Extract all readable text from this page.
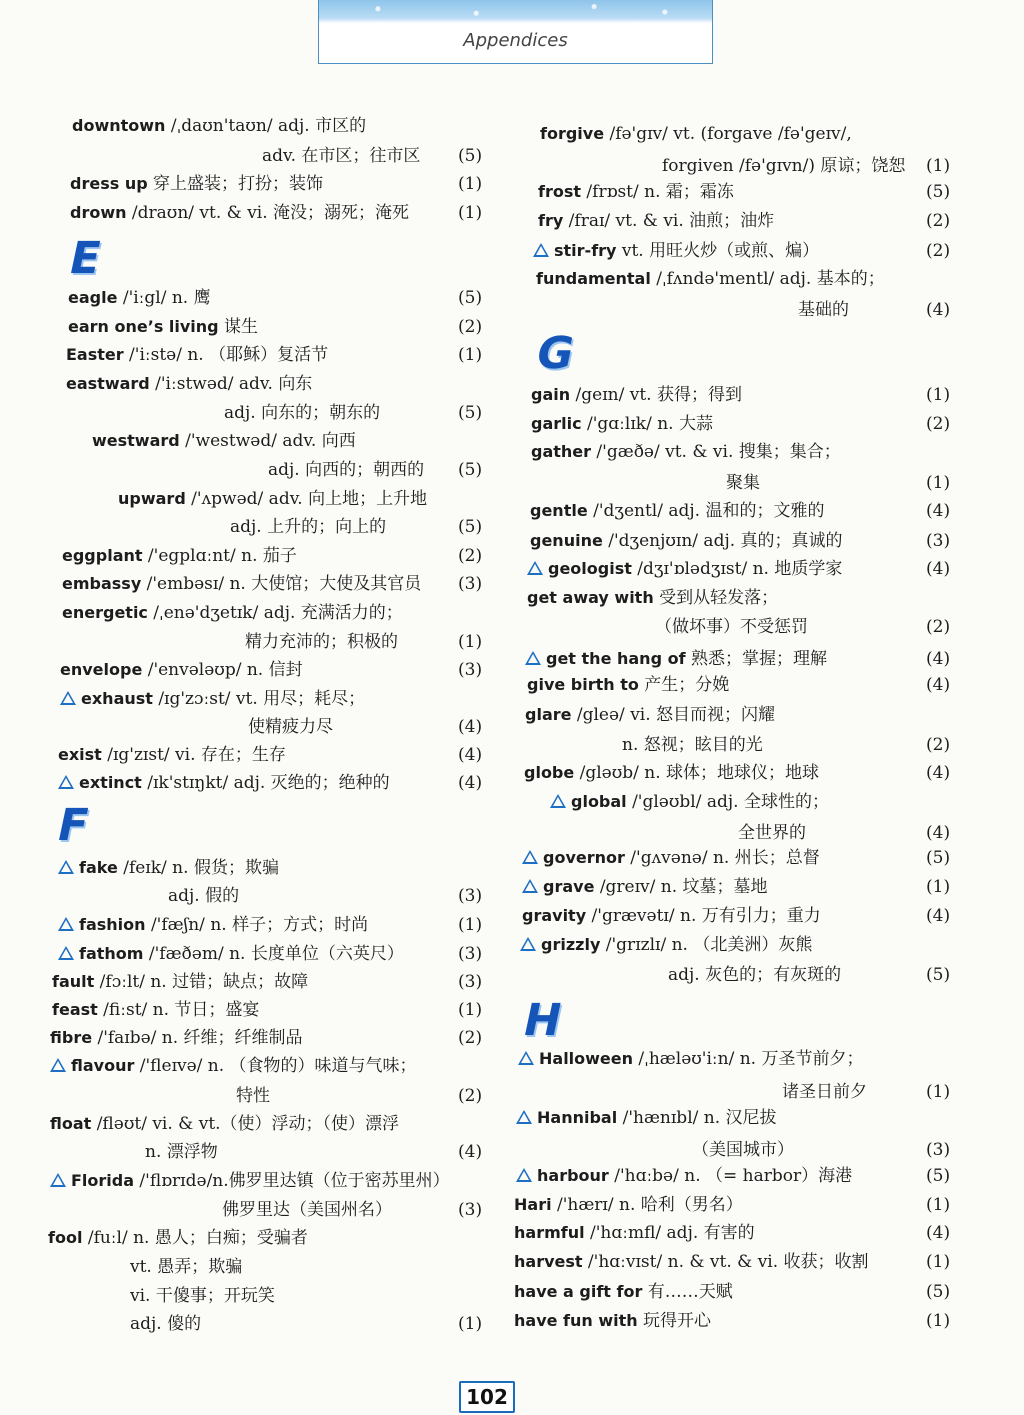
Appendices
downtown /ˌdaʊn'taʊn/ adj. 市区的
adv. 在市区；往市区 (5)
dress up 穿上盛装；打扮；装饰	(1)
drown /draʊn/ vt. & vi. 淹没；溺死；淹死	(1)
eagle /'iːgl/ n. 鹰	(5)
earn one’s living 谋生	(2)
Easter /'iːstə/ n. （耶稣）复活节	(1)
eastward /'iːstwəd/ adv. 向东
adj. 向东的；朝东的	(5)
westward /'westwəd/ adv. 向西
adj. 向西的；朝西的 (5)
upward /'ʌpwəd/ adv. 向上地；上升地
adj. 上升的；向上的	(5)
eggplant /'egplɑːnt/ n. 茄子	(2)
embassy /'embəsɪ/ n. 大使馆；大使及其官员 (3)
energetic /ˌenə'dʒetɪk/ adj. 充满活力的；
精力充沛的；积极的	(1)
envelope /'envələʊp/ n. 信封	(3)
exhaust /ɪg'zɔːst/ vt. 用尽；耗尽；
使精疲力尽	(4)
exist /ɪg'zɪst/ vi. 存在；生存	(4)
extinct /ɪk'stɪŋkt/ adj. 灭绝的；绝种的	(4)
fake /feɪk/ n. 假货；欺骗
adj. 假的	(3)
fashion /'fæʃn/ n. 样子；方式；时尚	(1)
fathom /'fæðəm/ n. 长度单位（六英尺）	(3)
fault /fɔːlt/ n. 过错；缺点；故障	(3)
feast /fiːst/ n. 节日；盛宴	(1)
fibre /'faɪbə/ n. 纤维；纤维制品	(2)
flavour /'fleɪvə/ n. （食物的）味道与气味；
特性	(2)
float /fləʊt/ vi. & vt.（使）浮动；（使）漂浮
n. 漂浮物	(4)
Florida /'flɒrɪdə/n.佛罗里达镇（位于密苏里州）
佛罗里达（美国州名）	(3)
fool /fuːl/ n. 愚人；白痴；受骗者
vt. 愚弄；欺骗
vi. 干傻事；开玩笑
adj. 傻的	(1)
forgive /fə'gɪv/ vt. (forgave /fə'geɪv/,
forgiven /fə'gɪvn/) 原谅；饶恕 (1)
frost /frɒst/ n. 霜；霜冻	(5)
fry /fraɪ/ vt. & vi. 油煎；油炸	(2)
stir-fry vt. 用旺火炒（或煎、煸）	(2)
fundamental /ˌfʌndə'mentl/ adj. 基本的；
基础的	(4)
gain /geɪn/ vt. 获得；得到	(1)
garlic /'gɑːlɪk/ n. 大蒜	(2)
gather /'gæðə/ vt. & vi. 搜集；集合；
聚集	(1)
gentle /'dʒentl/ adj. 温和的；文雅的	(4)
genuine /'dʒenjʊɪn/ adj. 真的；真诚的	(3)
geologist /dʒɪ'ɒlədʒɪst/ n. 地质学家	(4)
get away with 受到从轻发落；
（做坏事）不受惩罚	(2)
get the hang of 熟悉；掌握；理解	(4)
give birth to 产生；分娩	(4)
glare /gleə/ vi. 怒目而视；闪耀
n. 怒视；眩目的光	(2)
globe /gləʊb/ n. 球体；地球仪；地球	(4)
global /'gləʊbl/ adj. 全球性的；
全世界的	(4)
governor /'gʌvənə/ n. 州长；总督	(5)
grave /greɪv/ n. 坟墓；墓地	(1)
gravity /'grævətɪ/ n. 万有引力；重力	(4)
grizzly /'grɪzlɪ/ n. （北美洲）灰熊
adj. 灰色的；有灰斑的	(5)
Halloween /ˌhæləʊ'iːn/ n. 万圣节前夕；
诸圣日前夕	(1)
Hannibal /'hænɪbl/ n. 汉尼拔
（美国城市）	(3)
harbour /'hɑːbə/ n. （= harbor）海港	(5)
Hari /'hærɪ/ n. 哈利（男名）	(1)
harmful /'hɑːmfl/ adj. 有害的	(4)
harvest /'hɑːvɪst/ n. & vt. & vi. 收获；收割	(1)
have a gift for 有……天赋	(5)
have fun with 玩得开心	(1)
E
F
G
H
102
